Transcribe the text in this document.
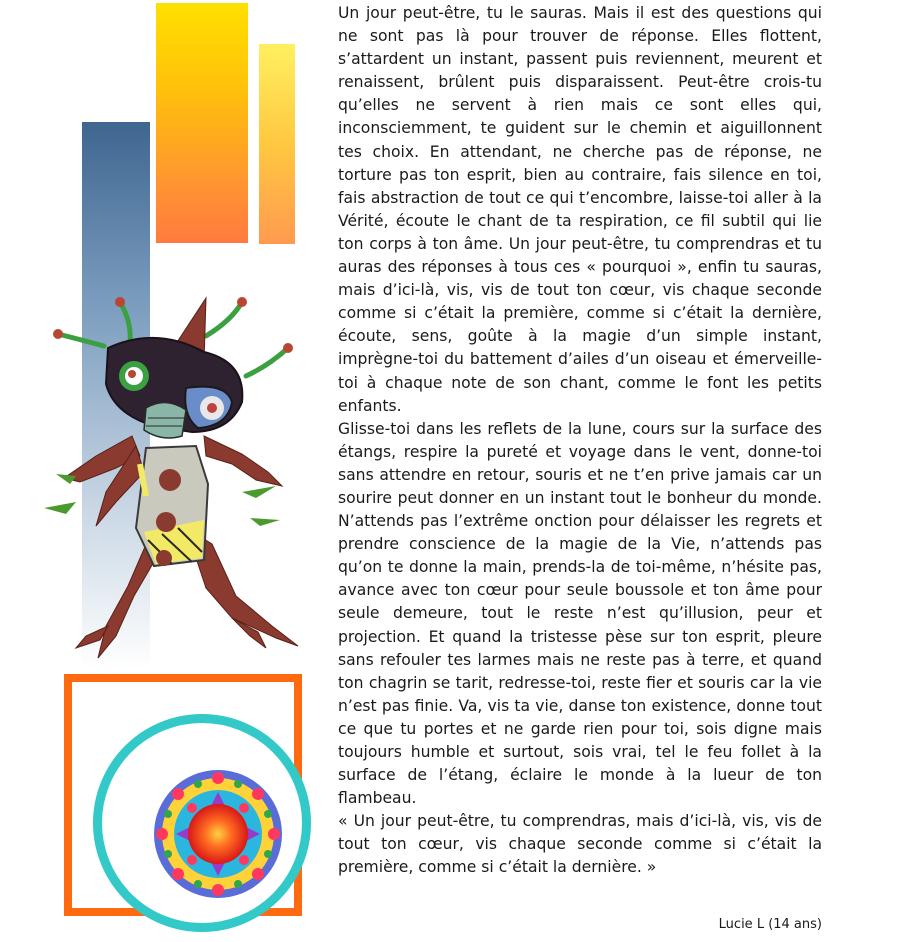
Un jour peut-être, tu le sauras. Mais il est des questions qui ne sont pas là pour trouver de réponse. Elles flottent, s’attardent un instant, passent puis reviennent, meurent et renaissent, brûlent puis disparaissent. Peut-être crois-tu qu’elles ne servent à rien mais ce sont elles qui, inconsciemment, te guident sur le chemin et aiguillonnent tes choix. En attendant, ne cherche pas de réponse, ne torture pas ton esprit, bien au contraire, fais silence en toi, fais abstraction de tout ce qui t’encombre, laisse-toi aller à la Vérité, écoute le chant de ta respiration, ce fil subtil qui lie ton corps à ton âme. Un jour peut-être, tu comprendras et tu auras des réponses à tous ces « pourquoi », enfin tu sauras, mais d’ici-là, vis, vis de tout ton cœur, vis chaque seconde comme si c’était la première, comme si c’était la dernière, écoute, sens, goûte à la magie d’un simple instant, imprègne-toi du battement d’ailes d’un oiseau et émerveille-toi à chaque note de son chant, comme le font les petits enfants.

Glisse-toi dans les reflets de la lune, cours sur la surface des étangs, respire la pureté et voyage dans le vent, donne-toi sans attendre en retour, souris et ne t’en prive jamais car un sourire peut donner en un instant tout le bonheur du monde. N’attends pas l’extrême onction pour délaisser les regrets et prendre conscience de la magie de la Vie, n’attends pas qu’on te donne la main, prends-la de toi-même, n’hésite pas, avance avec ton cœur pour seule boussole et ton âme pour seule demeure, tout le reste n’est qu’illusion, peur et projection. Et quand la tristesse pèse sur ton esprit, pleure sans refouler tes larmes mais ne reste pas à terre, et quand ton chagrin se tarit, redresse-toi, reste fier et souris car la vie n’est pas finie. Va, vis ta vie, danse ton existence, donne tout ce que tu portes et ne garde rien pour toi, sois digne mais toujours humble et surtout, sois vrai, tel le feu follet à la surface de l’étang, éclaire le monde à la lueur de ton flambeau.

« Un jour peut-être, tu comprendras, mais d’ici-là, vis, vis de tout ton cœur, vis chaque seconde comme si c’était la première, comme si c’était la dernière. »

Lucie L (14 ans)
